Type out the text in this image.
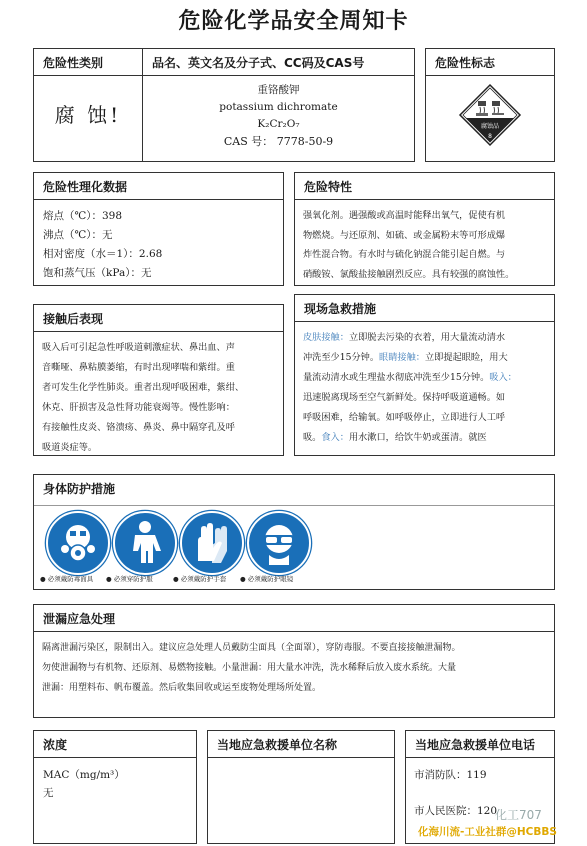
危险化学品安全周知卡
危险性类别
腐 蚀!
品名、英文名及分子式、CC码及CAS号
重铬酸钾
potassium dichromate
K₂Cr₂O₇
CAS 号： 7778-50-9
危险性标志
腐蚀品
8
危险性理化数据
熔点（℃）：398
沸点（℃）：无
相对密度（水＝1）：2.68
饱和蒸气压（kPa）：无
危险特性
强氧化剂。遇强酸或高温时能释出氧气，促使有机
物燃烧。与还原剂、如硫、或金属粉末等可形成爆
炸性混合物。有水时与硫化钠混合能引起自燃。与
硝酸铵、氯酸盐接触剧烈反应。具有较强的腐蚀性。
接触后表现
吸入后可引起急性呼吸道刺激症状、鼻出血、声
音嘶哑、鼻粘膜萎缩，有时出现哮喘和紫绀。重
者可发生化学性肺炎。重者出现呼吸困难，紫绀、
休克、肝损害及急性肾功能衰竭等。慢性影响：
有接触性皮炎、铬溃疡、鼻炎、鼻中隔穿孔及呼
吸道炎症等。
现场急救措施
皮肤接触：立即脱去污染的衣着，用大量流动清水
冲洗至少15分钟。眼睛接触：立即提起眼睑，用大
量流动清水或生理盐水彻底冲洗至少15分钟。吸入：
迅速脱离现场至空气新鲜处。保持呼吸道通畅。如
呼吸困难，给输氧。如呼吸停止，立即进行人工呼
吸。食入：用水漱口，给饮牛奶或蛋清。就医
身体防护措施
● 必须戴防毒面具 ● 必须穿防护服	● 必须戴防护手套 ● 必须戴防护眼镜
泄漏应急处理
隔离泄漏污染区，限制出入。建议应急处理人员戴防尘面具（全面罩），穿防毒服。不要直接接触泄漏物。
勿使泄漏物与有机物、还原剂、易燃物接触。小量泄漏：用大量水冲洗，洗水稀释后放入废水系统。大量
泄漏：用塑料布、帆布覆盖。然后收集回收或运至废物处理场所处置。
浓度
MAC（mg/m³）
无
当地应急救援单位名称	当地应急救援单位电话
市消防队：119
市人民医院：120
化工707
化海川流-工业社群@HCBBS
